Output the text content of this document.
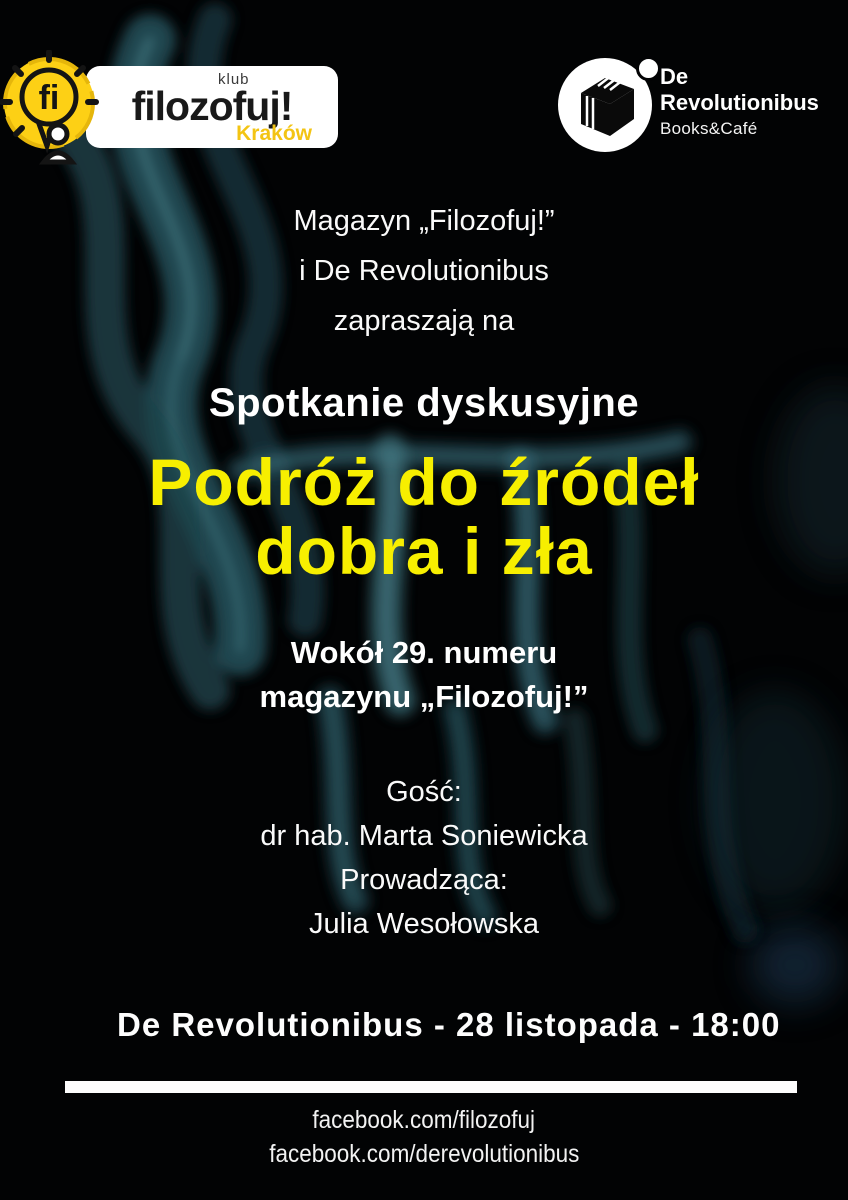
klub
filozofuj!
Kraków
fi

De

Revolutionibus

Books&Café

Magazyn „Filozofuj!”
i De Revolutionibus
zapraszają na
Spotkanie dyskusyjne
Podróż do źródeł
dobra i zła
Wokół 29. numeru
magazynu „Filozofuj!”
Gość:
dr hab. Marta Soniewicka
Prowadząca:
Julia Wesołowska
De Revolutionibus - 28 listopada - 18:00
facebook.com/filozofuj
facebook.com/derevolutionibus
